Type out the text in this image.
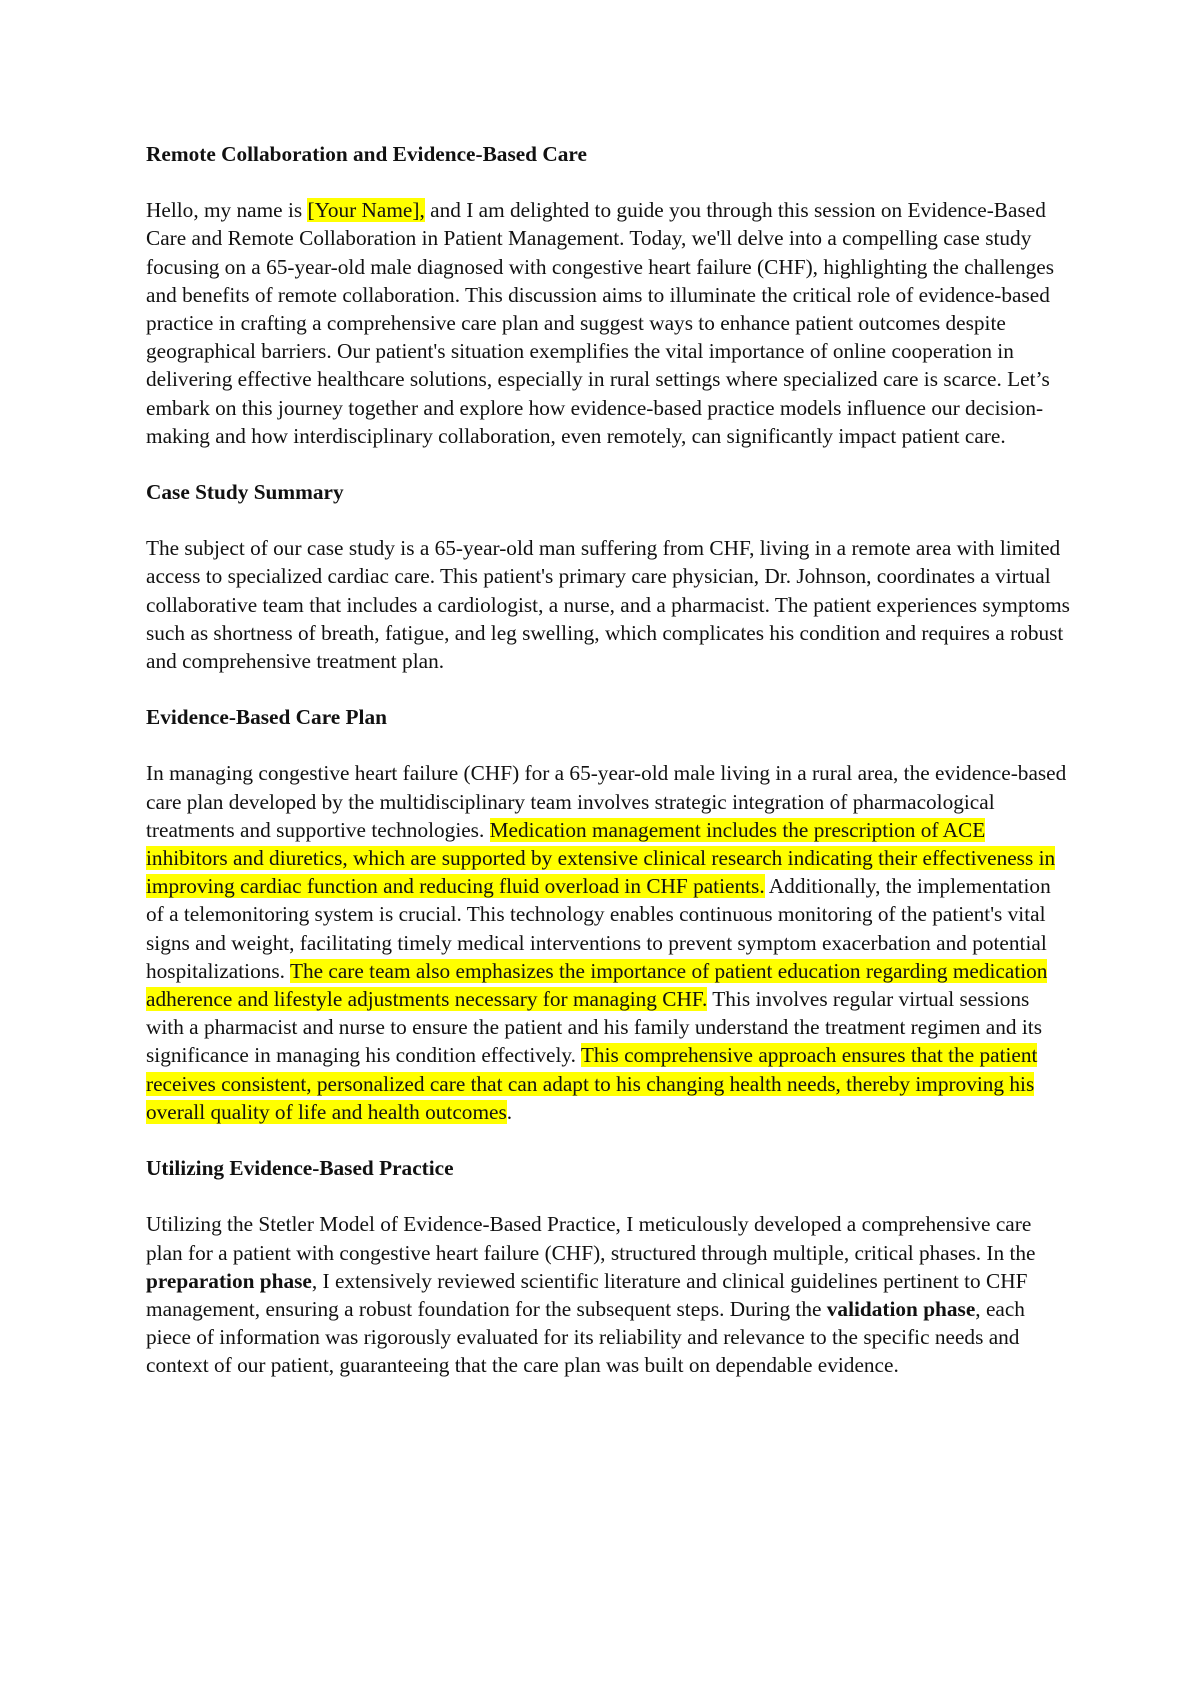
Remote Collaboration and Evidence-Based Care
Hello, my name is [Your Name], and I am delighted to guide you through this session on Evidence-Based Care and Remote Collaboration in Patient Management. Today, we'll delve into a compelling case study focusing on a 65-year-old male diagnosed with congestive heart failure (CHF), highlighting the challenges and benefits of remote collaboration. This discussion aims to illuminate the critical role of evidence-based practice in crafting a comprehensive care plan and suggest ways to enhance patient outcomes despite geographical barriers. Our patient's situation exemplifies the vital importance of online cooperation in delivering effective healthcare solutions, especially in rural settings where specialized care is scarce. Let’s embark on this journey together and explore how evidence-based practice models influence our decision-making and how interdisciplinary collaboration, even remotely, can significantly impact patient care.
Case Study Summary
The subject of our case study is a 65-year-old man suffering from CHF, living in a remote area with limited access to specialized cardiac care. This patient's primary care physician, Dr. Johnson, coordinates a virtual collaborative team that includes a cardiologist, a nurse, and a pharmacist. The patient experiences symptoms such as shortness of breath, fatigue, and leg swelling, which complicates his condition and requires a robust and comprehensive treatment plan.
Evidence-Based Care Plan
In managing congestive heart failure (CHF) for a 65-year-old male living in a rural area, the evidence-based care plan developed by the multidisciplinary team involves strategic integration of pharmacological treatments and supportive technologies. Medication management includes the prescription of ACE inhibitors and diuretics, which are supported by extensive clinical research indicating their effectiveness in improving cardiac function and reducing fluid overload in CHF patients. Additionally, the implementation of a telemonitoring system is crucial. This technology enables continuous monitoring of the patient's vital signs and weight, facilitating timely medical interventions to prevent symptom exacerbation and potential hospitalizations. The care team also emphasizes the importance of patient education regarding medication adherence and lifestyle adjustments necessary for managing CHF. This involves regular virtual sessions with a pharmacist and nurse to ensure the patient and his family understand the treatment regimen and its significance in managing his condition effectively. This comprehensive approach ensures that the patient receives consistent, personalized care that can adapt to his changing health needs, thereby improving his overall quality of life and health outcomes.
Utilizing Evidence-Based Practice
Utilizing the Stetler Model of Evidence-Based Practice, I meticulously developed a comprehensive care plan for a patient with congestive heart failure (CHF), structured through multiple, critical phases. In the preparation phase, I extensively reviewed scientific literature and clinical guidelines pertinent to CHF management, ensuring a robust foundation for the subsequent steps. During the validation phase, each piece of information was rigorously evaluated for its reliability and relevance to the specific needs and context of our patient, guaranteeing that the care plan was built on dependable evidence.
